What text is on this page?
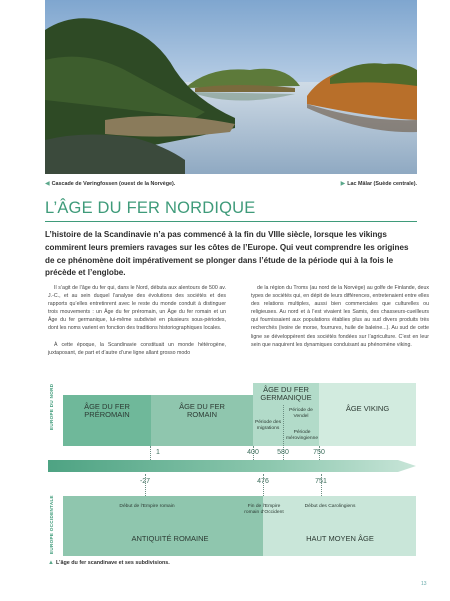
◀ Cascade de Vøringfossen (ouest de la Norvège).	▶ Lac Mälar (Suède centrale).
L’ÂGE DU FER NORDIQUE
L’histoire de la Scandinavie n’a pas commencé à la fin du VIIIe siècle, lorsque les vikings commirent leurs premiers ravages sur les côtes de l’Europe. Qui veut comprendre les origines de ce phénomène doit impérativement se plonger dans l’étude de la période qui à la fois le précède et l’englobe.

Il s’agit de l’âge du fer qui, dans le Nord, débuta aux alentours de 500 av. J.-C., et au sein duquel l’analyse des évolutions des sociétés et des rapports qu’elles entretinrent avec le reste du monde conduit à distinguer trois mouvements : un Âge du fer préromain, un Âge du fer romain et un Âge du fer germanique, lui-même subdivisé en plusieurs sous-périodes, dont les noms varient en fonction des traditions historiographiques locales.

À cette époque, la Scandinavie constituait un monde hétérogène, juxtaposant, de part et d’autre d’une ligne allant grosso modo

de la région du Troms (au nord de la Norvège) au golfe de Finlande, deux types de sociétés qui, en dépit de leurs différences, entretenaient entre elles des relations multiples, aussi bien commerciales que culturelles ou religieuses. Au nord et à l’est vivaient les Samis, des chasseurs-cueilleurs qui fournissaient aux populations établies plus au sud divers produits très recherchés (ivoire de morse, fourrures, huile de baleine...). Au sud de cette ligne se développèrent des sociétés fondées sur l’agriculture. C’est en leur sein que naquirent les dynamiques conduisant au phénomène viking.

ÂGE DU FER PRÉROMAIN
ÂGE DU FER ROMAIN
ÂGE DU FER GERMANIQUE
ÂGE VIKING
EUROPE DU NORD	Période des migrations
Période de Vendel
Période mérovingienne
1	400	580	750
-27	476	751
Début de l’Empire romain	Fin de l’Empire romain d’Occident
Début des Carolingiens
ANTIQUITÉ ROMAINE	HAUT MOYEN ÂGE
EUROPE OCCIDENTALE
▲ L’âge du fer scandinave et ses subdivisions.
13
